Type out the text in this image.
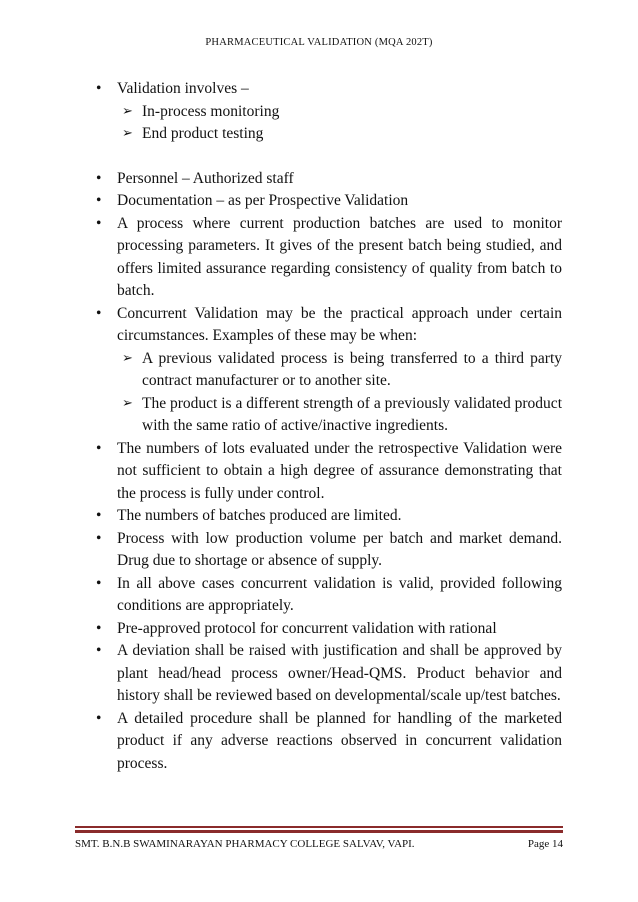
PHARMACEUTICAL VALIDATION (MQA 202T)
• Validation involves –
➢ In-process monitoring
➢ End product testing
• Personnel – Authorized staff
• Documentation – as per Prospective Validation
• A process where current production batches are used to monitor processing parameters. It gives of the present batch being studied, and offers limited assurance regarding consistency of quality from batch to batch.
• Concurrent Validation may be the practical approach under certain circumstances. Examples of these may be when:
➢ A previous validated process is being transferred to a third party contract manufacturer or to another site.
➢ The product is a different strength of a previously validated product with the same ratio of active/inactive ingredients.
• The numbers of lots evaluated under the retrospective Validation were not sufficient to obtain a high degree of assurance demonstrating that the process is fully under control.
• The numbers of batches produced are limited.
• Process with low production volume per batch and market demand. Drug due to shortage or absence of supply.
• In all above cases concurrent validation is valid, provided following conditions are appropriately.
• Pre-approved protocol for concurrent validation with rational
• A deviation shall be raised with justification and shall be approved by plant head/head process owner/Head-QMS. Product behavior and history shall be reviewed based on developmental/scale up/test batches.
• A detailed procedure shall be planned for handling of the marketed product if any adverse reactions observed in concurrent validation process.
SMT. B.N.B SWAMINARAYAN PHARMACY COLLEGE SALVAV, VAPI.	Page 14
